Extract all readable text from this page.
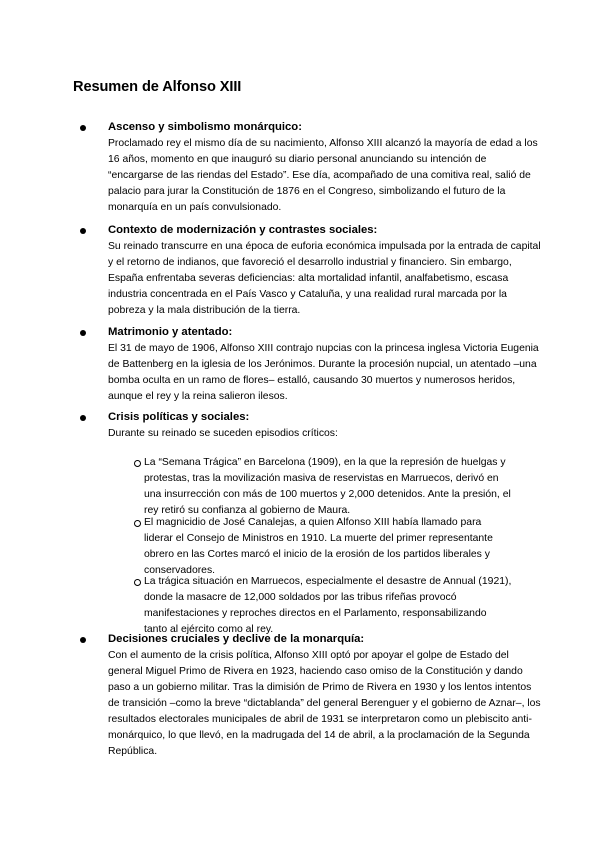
Resumen de Alfonso XIII

Ascenso y simbolismo monárquico:

Proclamado rey el mismo día de su nacimiento, Alfonso XIII alcanzó la mayoría de edad a los 16 años, momento en que inauguró su diario personal anunciando su intención de “encargarse de las riendas del Estado”. Ese día, acompañado de una comitiva real, salió de palacio para jurar la Constitución de 1876 en el Congreso, simbolizando el futuro de la monarquía en un país convulsionado.

Contexto de modernización y contrastes sociales:

Su reinado transcurre en una época de euforia económica impulsada por la entrada de capital y el retorno de indianos, que favoreció el desarrollo industrial y financiero. Sin embargo, España enfrentaba severas deficiencias: alta mortalidad infantil, analfabetismo, escasa industria concentrada en el País Vasco y Cataluña, y una realidad rural marcada por la pobreza y la mala distribución de la tierra.

Matrimonio y atentado:

El 31 de mayo de 1906, Alfonso XIII contrajo nupcias con la princesa inglesa Victoria Eugenia de Battenberg en la iglesia de los Jerónimos. Durante la procesión nupcial, un atentado –una bomba oculta en un ramo de flores– estalló, causando 30 muertos y numerosos heridos, aunque el rey y la reina salieron ilesos.

Crisis políticas y sociales:

Durante su reinado se suceden episodios críticos:

La “Semana Trágica” en Barcelona (1909), en la que la represión de huelgas y protestas, tras la movilización masiva de reservistas en Marruecos, derivó en una insurrección con más de 100 muertos y 2,000 detenidos. Ante la presión, el rey retiró su confianza al gobierno de Maura.

El magnicidio de José Canalejas, a quien Alfonso XIII había llamado para liderar el Consejo de Ministros en 1910. La muerte del primer representante obrero en las Cortes marcó el inicio de la erosión de los partidos liberales y conservadores.

La trágica situación en Marruecos, especialmente el desastre de Annual (1921), donde la masacre de 12,000 soldados por las tribus rifeñas provocó manifestaciones y reproches directos en el Parlamento, responsabilizando tanto al ejército como al rey.

Decisiones cruciales y declive de la monarquía:

Con el aumento de la crisis política, Alfonso XIII optó por apoyar el golpe de Estado del general Miguel Primo de Rivera en 1923, haciendo caso omiso de la Constitución y dando paso a un gobierno militar. Tras la dimisión de Primo de Rivera en 1930 y los lentos intentos de transición –como la breve “dictablanda” del general Berenguer y el gobierno de Aznar–, los resultados electorales municipales de abril de 1931 se interpretaron como un plebiscito anti-monárquico, lo que llevó, en la madrugada del 14 de abril, a la proclamación de la Segunda República.
